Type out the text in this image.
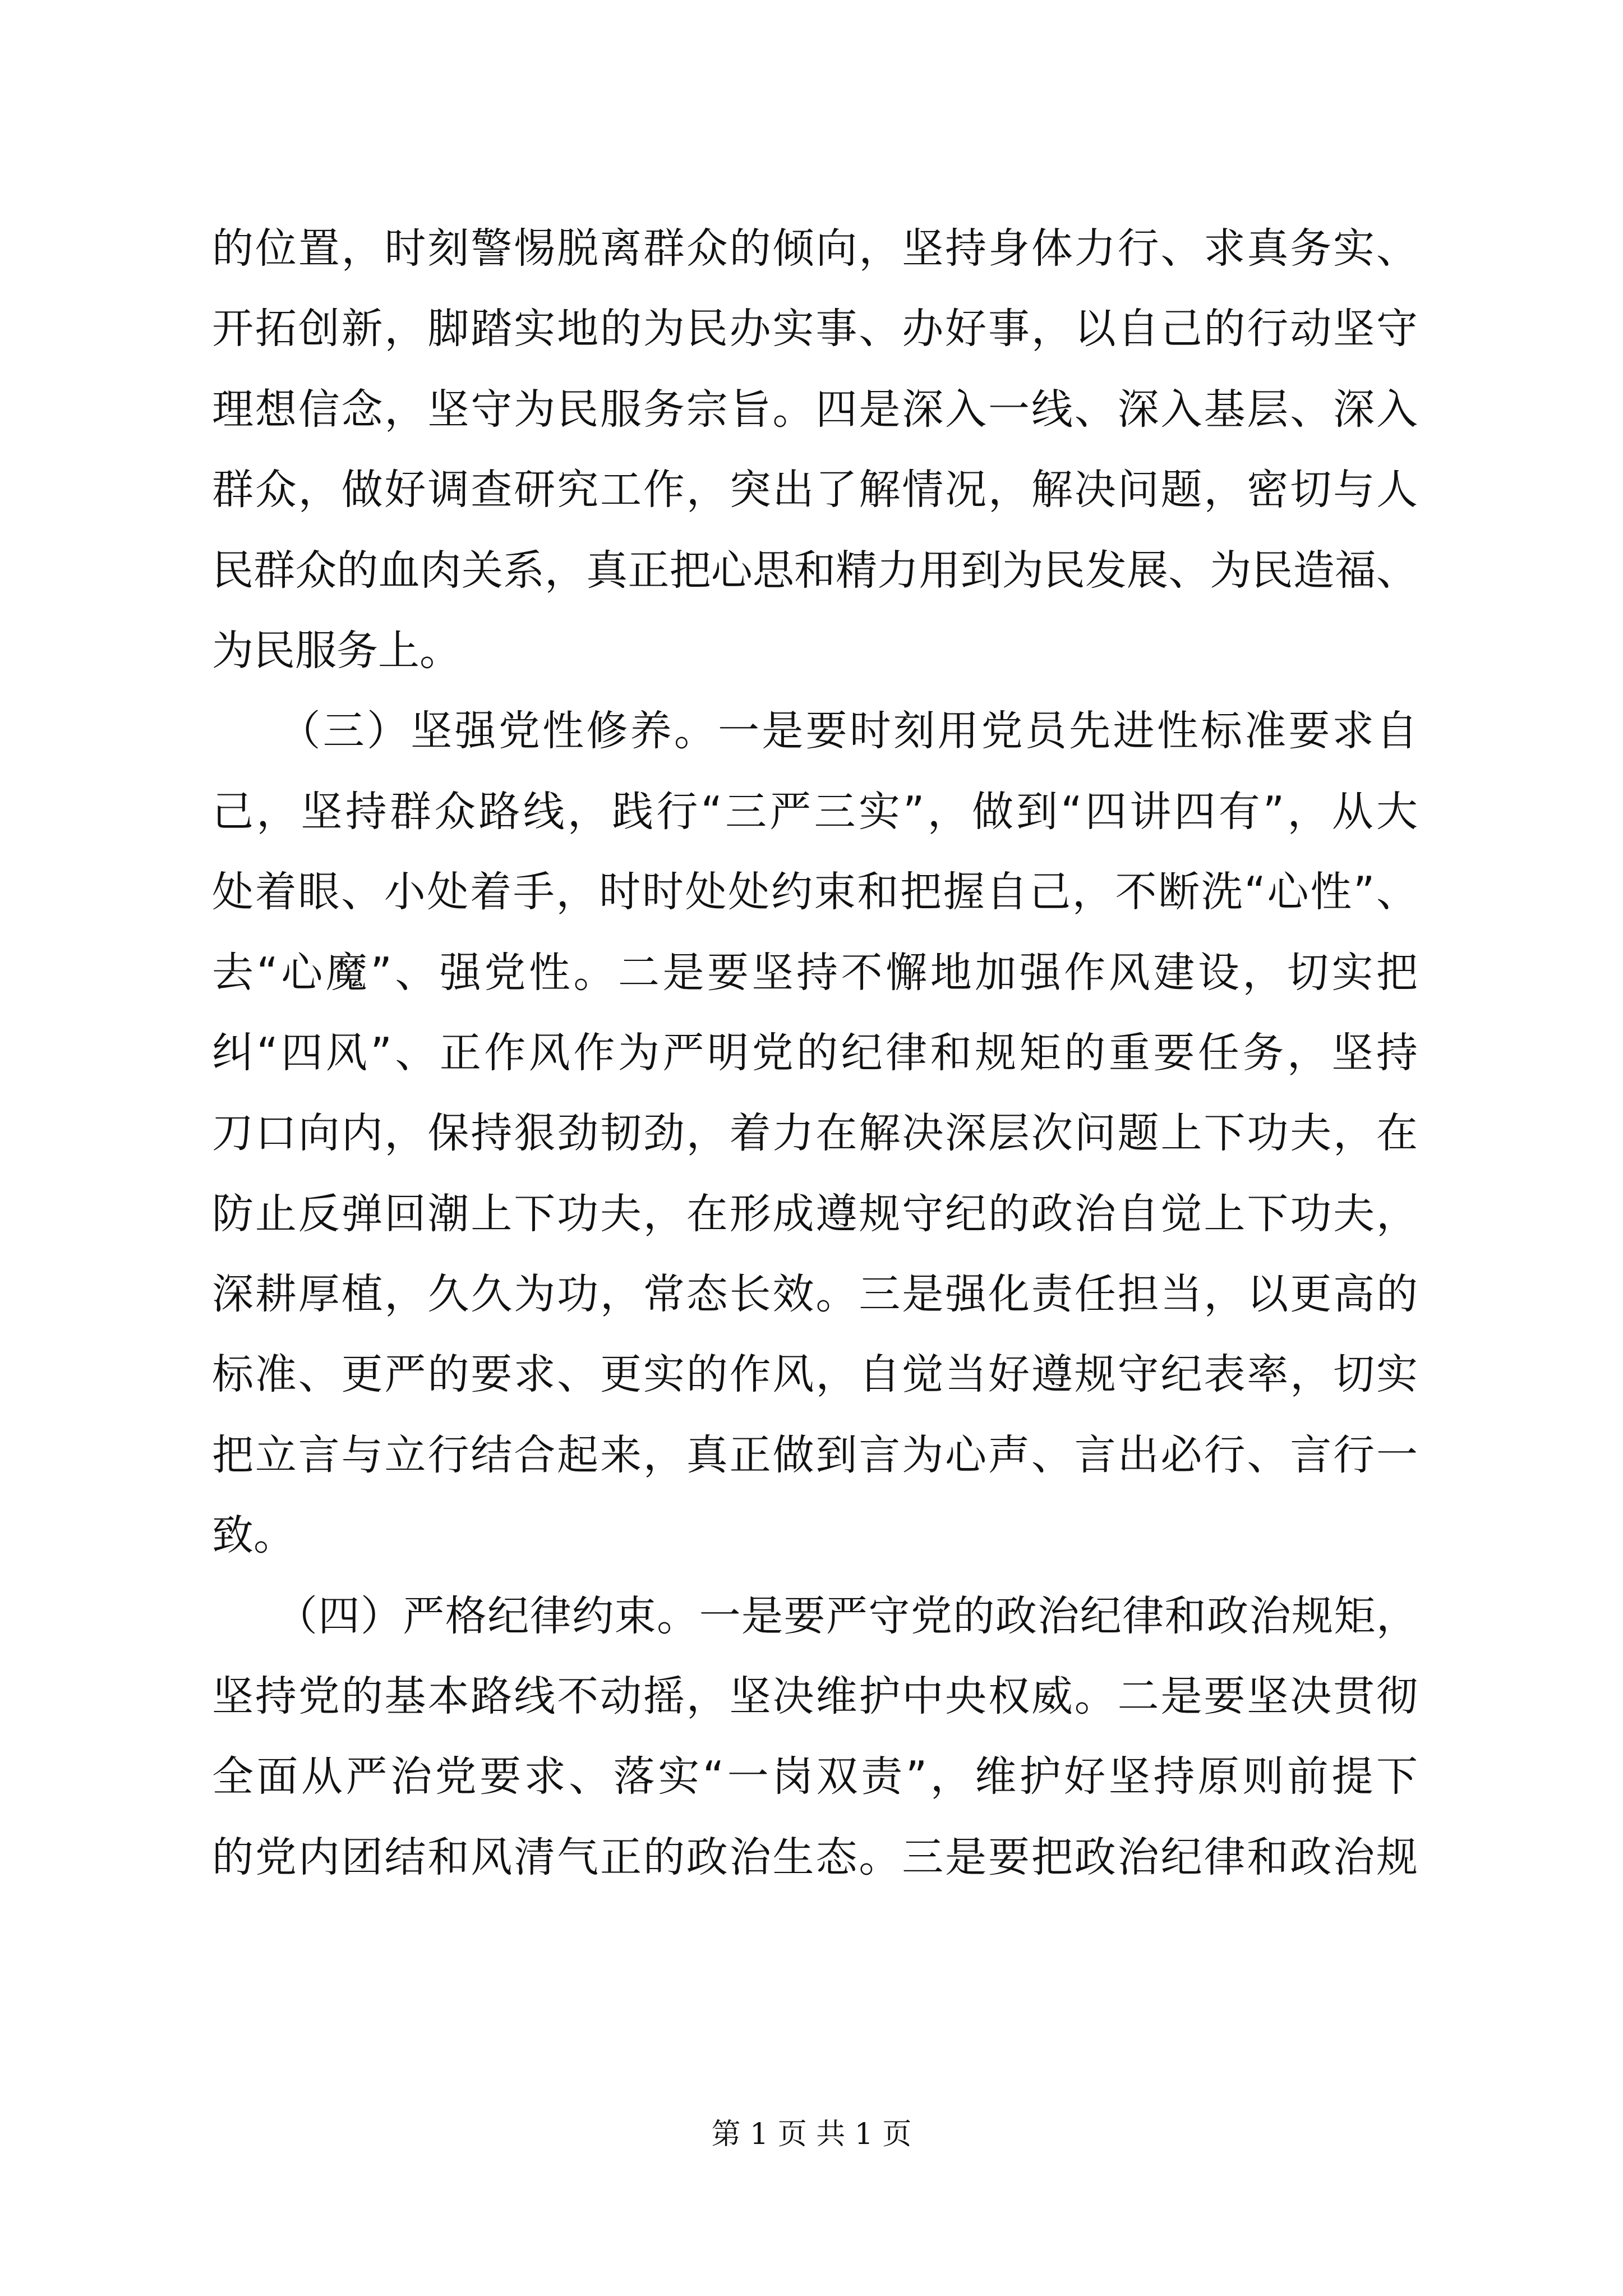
的位置，时刻警惕脱离群众的倾向，坚持身体力行、求真务实、
开拓创新，脚踏实地的为民办实事、办好事，以自己的行动坚守
理想信念，坚守为民服务宗旨。四是深入一线、深入基层、深入
群众，做好调查研究工作，突出了解情况，解决问题，密切与人
民群众的血肉关系，真正把心思和精力用到为民发展、为民造福、
为民服务上。
　　（三）坚强党性修养。一是要时刻用党员先进性标准要求自
己，坚持群众路线，践行“三严三实”，做到“四讲四有”，从大
处着眼、小处着手，时时处处约束和把握自己，不断洗“心性”、
去“心魔”、强党性。二是要坚持不懈地加强作风建设，切实把
纠“四风”、正作风作为严明党的纪律和规矩的重要任务，坚持
刀口向内，保持狠劲韧劲，着力在解决深层次问题上下功夫，在
防止反弹回潮上下功夫，在形成遵规守纪的政治自觉上下功夫，
深耕厚植，久久为功，常态长效。三是强化责任担当，以更高的
标准、更严的要求、更实的作风，自觉当好遵规守纪表率，切实
把立言与立行结合起来，真正做到言为心声、言出必行、言行一
致。
　　（四）严格纪律约束。一是要严守党的政治纪律和政治规矩，
坚持党的基本路线不动摇，坚决维护中央权威。二是要坚决贯彻
全面从严治党要求、落实“一岗双责”，维护好坚持原则前提下
的党内团结和风清气正的政治生态。三是要把政治纪律和政治规
第 1 页 共 1 页
